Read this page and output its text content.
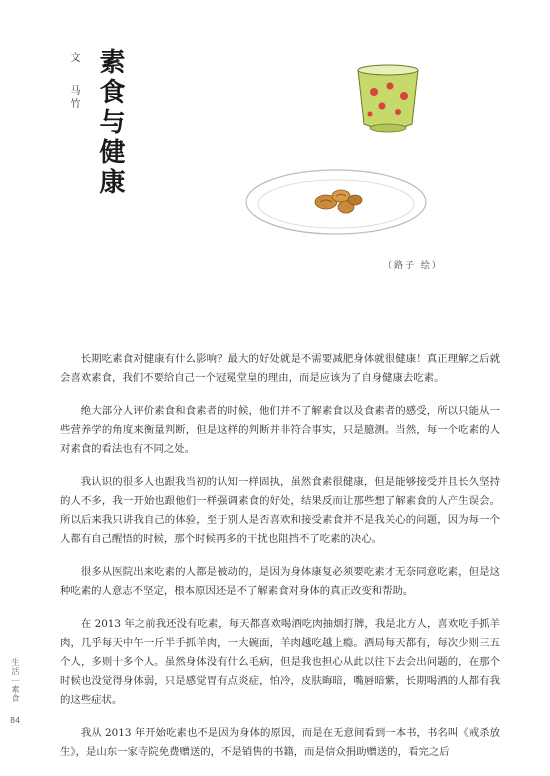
文  马竹 素食与健康
（路子 绘）

长期吃素食对健康有什么影响？最大的好处就是不需要减肥身体就很健康！真正理解之后就会喜欢素食，我们不要给自己一个冠冕堂皇的理由，而是应该为了自身健康去吃素。

绝大部分人评价素食和食素者的时候，他们并不了解素食以及食素者的感受，所以只能从一些营养学的角度来衡量判断，但是这样的判断并非符合事实，只是臆测。当然，每一个吃素的人对素食的看法也有不同之处。

我认识的很多人也跟我当初的认知一样固执，虽然食素很健康，但是能够接受并且长久坚持的人不多，我一开始也跟他们一样强调素食的好处，结果反而让那些想了解素食的人产生误会。所以后来我只讲我自己的体验，至于别人是否喜欢和接受素食并不是我关心的问题，因为每一个人都有自己醒悟的时候，那个时候再多的干扰也阻挡不了吃素的决心。

很多从医院出来吃素的人都是被动的，是因为身体康复必须要吃素才无奈同意吃素，但是这种吃素的人意志不坚定，根本原因还是不了解素食对身体的真正改变和帮助。

在 2013 年之前我还没有吃素，每天都喜欢喝酒吃肉抽烟打牌，我是北方人，喜欢吃手抓羊肉，几乎每天中午一斤半手抓羊肉，一大碗面，羊肉越吃越上瘾。酒局每天都有，每次少则三五个人，多则十多个人。虽然身体没有什么毛病，但是我也担心从此以往下去会出问题的，在那个时候也没觉得身体弱，只是感觉胃有点炎症，怕冷，皮肤晦暗，嘴唇暗紫，长期喝酒的人都有我的这些症状。

我从 2013 年开始吃素也不是因为身体的原因，而是在无意间看到一本书，书名叫《戒杀放生》，是山东一家寺院免费赠送的，不是销售的书籍，而是信众捐助赠送的，看完之后

生活｜素食
84
